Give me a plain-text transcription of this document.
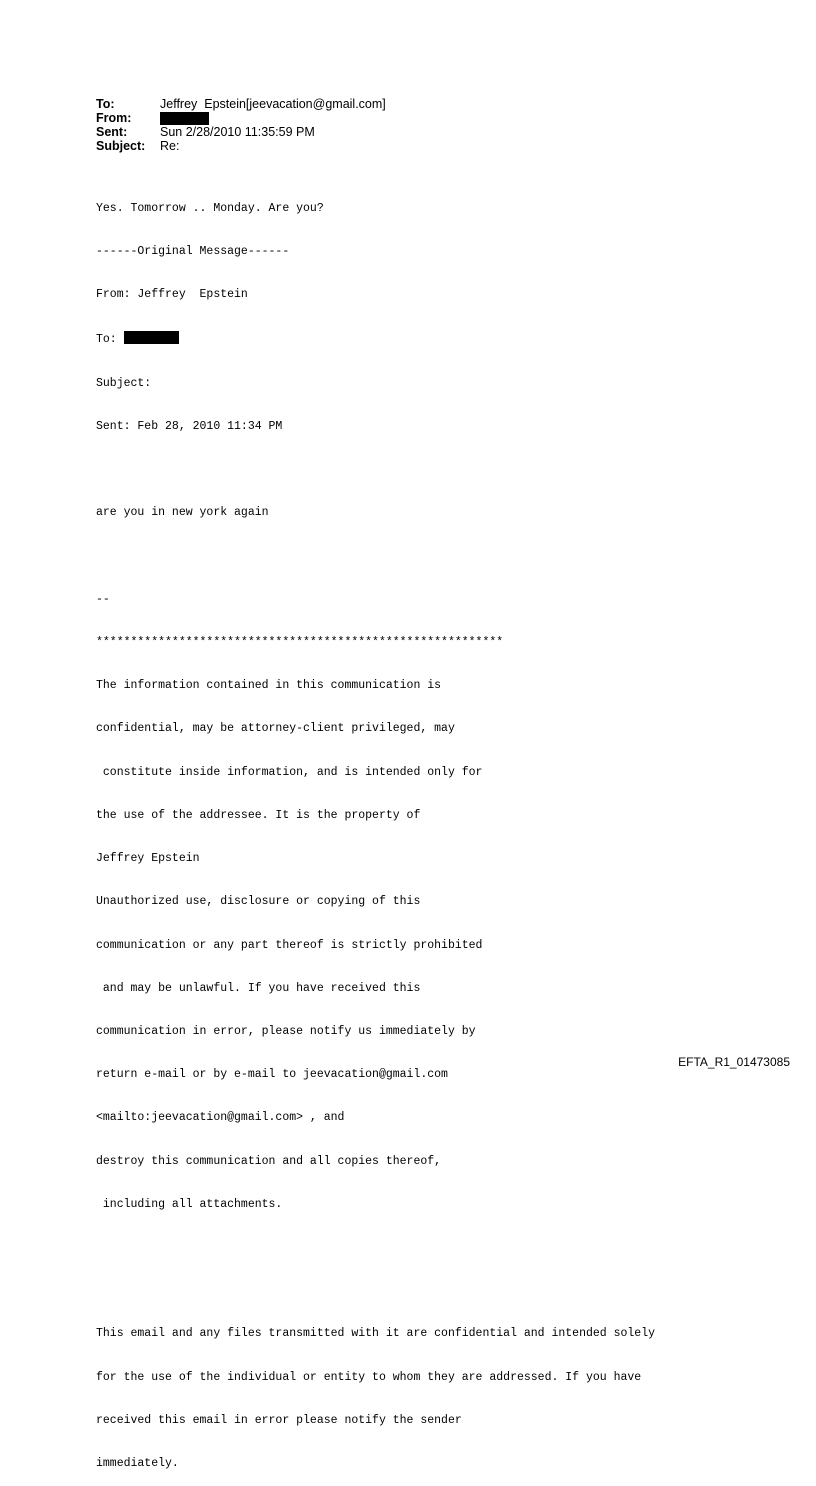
To:	Jeffrey  Epstein[jeevacation@gmail.com]
From:
Sent:	Sun 2/28/2010 11:35:59 PM
Subject:	Re:

Yes. Tomorrow .. Monday. Are you?

------Original Message------

From: Jeffrey  Epstein

To:

Subject:

Sent: Feb 28, 2010 11:34 PM

are you in new york again

--

***********************************************************

The information contained in this communication is

confidential, may be attorney-client privileged, may

constitute inside information, and is intended only for

the use of the addressee. It is the property of

Jeffrey Epstein

Unauthorized use, disclosure or copying of this

communication or any part thereof is strictly prohibited

and may be unlawful. If you have received this

communication in error, please notify us immediately by

return e-mail or by e-mail to jeevacation@gmail.com

<mailto:jeevacation@gmail.com> , and

destroy this communication and all copies thereof,

including all attachments.

This email and any files transmitted with it are confidential and intended solely

for the use of the individual or entity to whom they are addressed. If you have

received this email in error please notify the sender

immediately.

EFTA_R1_01473085
